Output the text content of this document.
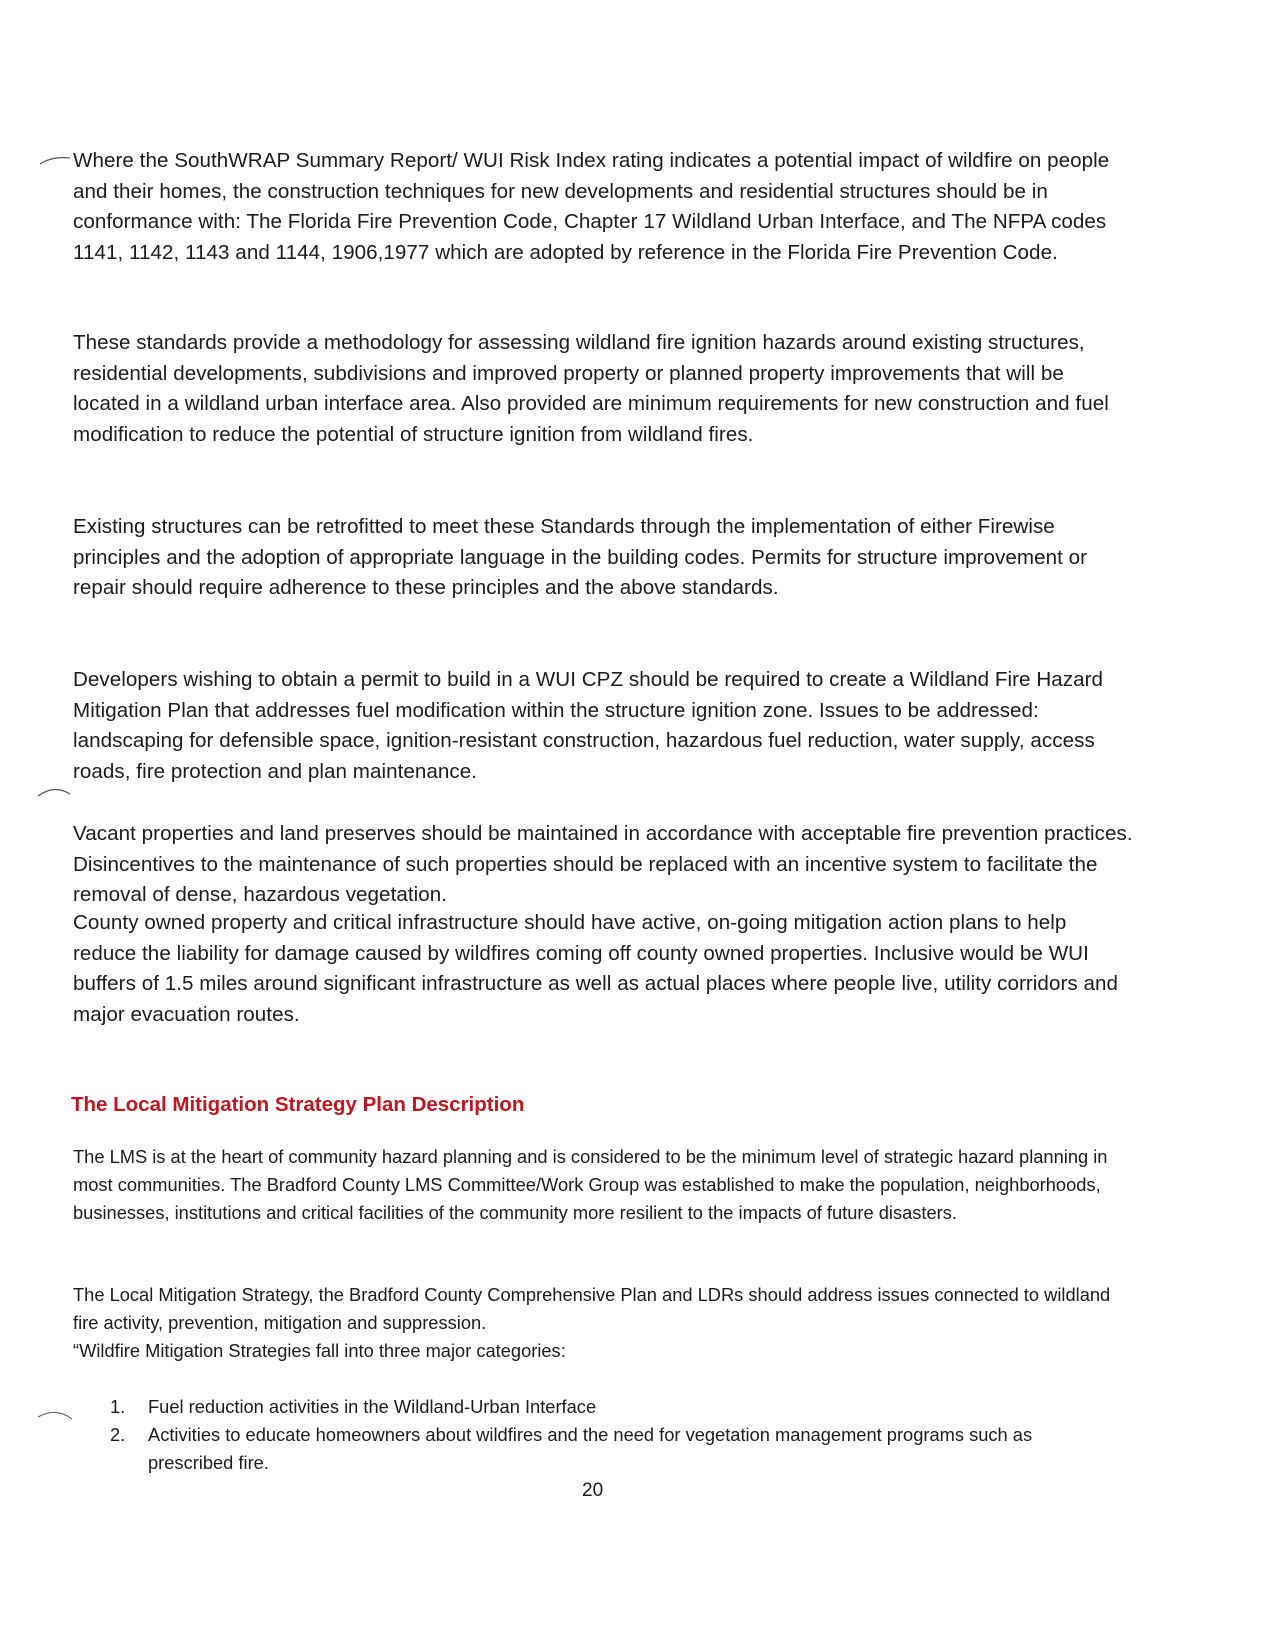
Where the SouthWRAP Summary Report/ WUI Risk Index rating indicates a potential impact of wildfire on people and their homes, the construction techniques for new developments and residential structures should be in conformance with: The Florida Fire Prevention Code, Chapter 17 Wildland Urban Interface, and The NFPA codes 1141, 1142, 1143 and 1144, 1906,1977 which are adopted by reference in the Florida Fire Prevention Code.

These standards provide a methodology for assessing wildland fire ignition hazards around existing structures, residential developments, subdivisions and improved property or planned property improvements that will be located in a wildland urban interface area. Also provided are minimum requirements for new construction and fuel modification to reduce the potential of structure ignition from wildland fires.

Existing structures can be retrofitted to meet these Standards through the implementation of either Firewise principles and the adoption of appropriate language in the building codes. Permits for structure improvement or repair should require adherence to these principles and the above standards.

Developers wishing to obtain a permit to build in a WUI CPZ should be required to create a Wildland Fire Hazard Mitigation Plan that addresses fuel modification within the structure ignition zone. Issues to be addressed: landscaping for defensible space, ignition-resistant construction, hazardous fuel reduction, water supply, access roads, fire protection and plan maintenance.

Vacant properties and land preserves should be maintained in accordance with acceptable fire prevention practices. Disincentives to the maintenance of such properties should be replaced with an incentive system to facilitate the removal of dense, hazardous vegetation.

County owned property and critical infrastructure should have active, on-going mitigation action plans to help reduce the liability for damage caused by wildfires coming off county owned properties. Inclusive would be WUI buffers of 1.5 miles around significant infrastructure as well as actual places where people live, utility corridors and major evacuation routes.

The Local Mitigation Strategy Plan Description

The LMS is at the heart of community hazard planning and is considered to be the minimum level of strategic hazard planning in most communities. The Bradford County LMS Committee/Work Group was established to make the population, neighborhoods, businesses, institutions and critical facilities of the community more resilient to the impacts of future disasters.

The Local Mitigation Strategy, the Bradford County Comprehensive Plan and LDRs should address issues connected to wildland fire activity, prevention, mitigation and suppression.

“Wildfire Mitigation Strategies fall into three major categories:

1. Fuel reduction activities in the Wildland-Urban Interface
2. Activities to educate homeowners about wildfires and the need for vegetation management programs such as prescribed fire.

20
